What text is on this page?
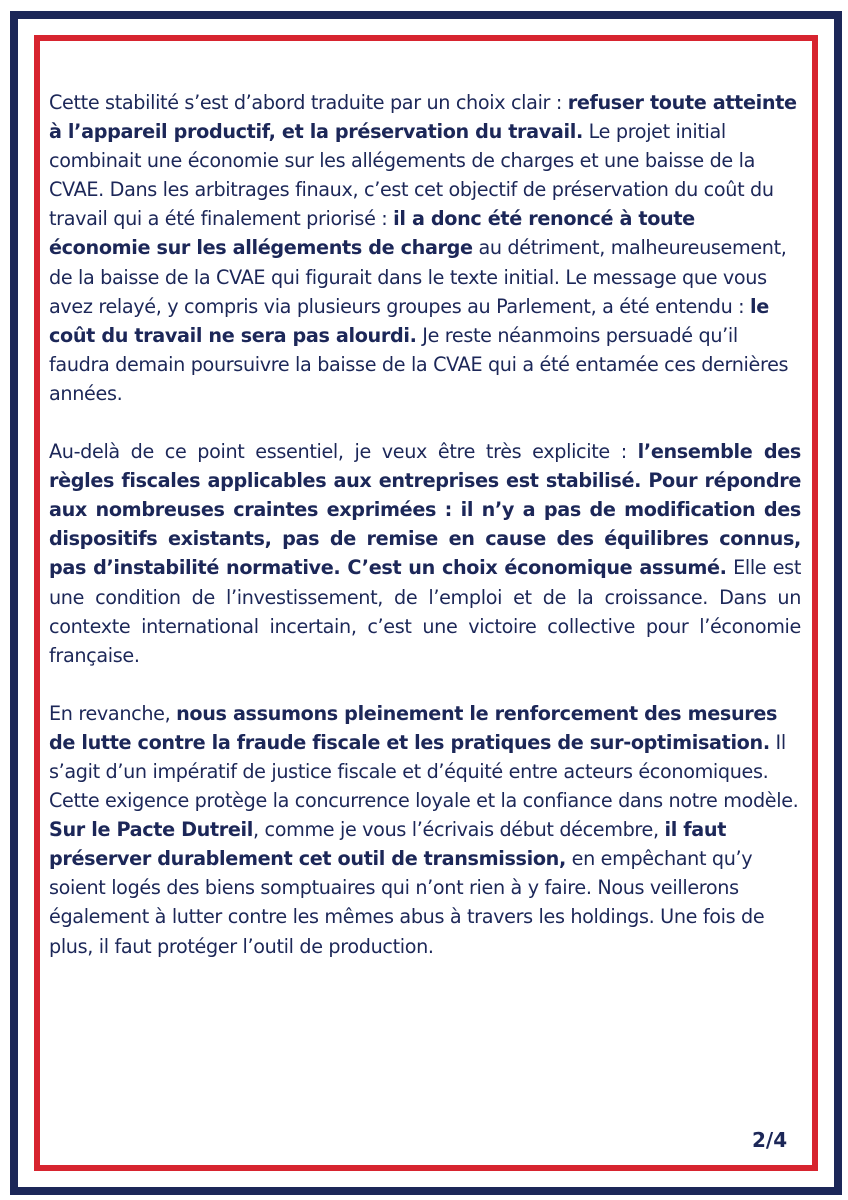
Cette stabilité s’est d’abord traduite par un choix clair : refuser toute atteinte à l’appareil productif, et la préservation du travail. Le projet initial combinait une économie sur les allégements de charges et une baisse de la CVAE. Dans les arbitrages finaux, c’est cet objectif de préservation du coût du travail qui a été finalement priorisé : il a donc été renoncé à toute économie sur les allégements de charge au détriment, malheureusement, de la baisse de la CVAE qui figurait dans le texte initial. Le message que vous avez relayé, y compris via plusieurs groupes au Parlement, a été entendu : le coût du travail ne sera pas alourdi. Je reste néanmoins persuadé qu’il faudra demain poursuivre la baisse de la CVAE qui a été entamée ces dernières années.

Au-delà de ce point essentiel, je veux être très explicite : l’ensemble des règles fiscales applicables aux entreprises est stabilisé. Pour répondre aux nombreuses craintes exprimées : il n’y a pas de modification des dispositifs existants, pas de remise en cause des équilibres connus, pas d’instabilité normative. C’est un choix économique assumé. Elle est une condition de l’investissement, de l’emploi et de la croissance. Dans un contexte international incertain, c’est une victoire collective pour l’économie française.

En revanche, nous assumons pleinement le renforcement des mesures de lutte contre la fraude fiscale et les pratiques de sur-optimisation. Il s’agit d’un impératif de justice fiscale et d’équité entre acteurs économiques. Cette exigence protège la concurrence loyale et la confiance dans notre modèle. Sur le Pacte Dutreil, comme je vous l’écrivais début décembre, il faut préserver durablement cet outil de transmission, en empêchant qu’y soient logés des biens somptuaires qui n’ont rien à y faire. Nous veillerons également à lutter contre les mêmes abus à travers les holdings. Une fois de plus, il faut protéger l’outil de production.

2/4
